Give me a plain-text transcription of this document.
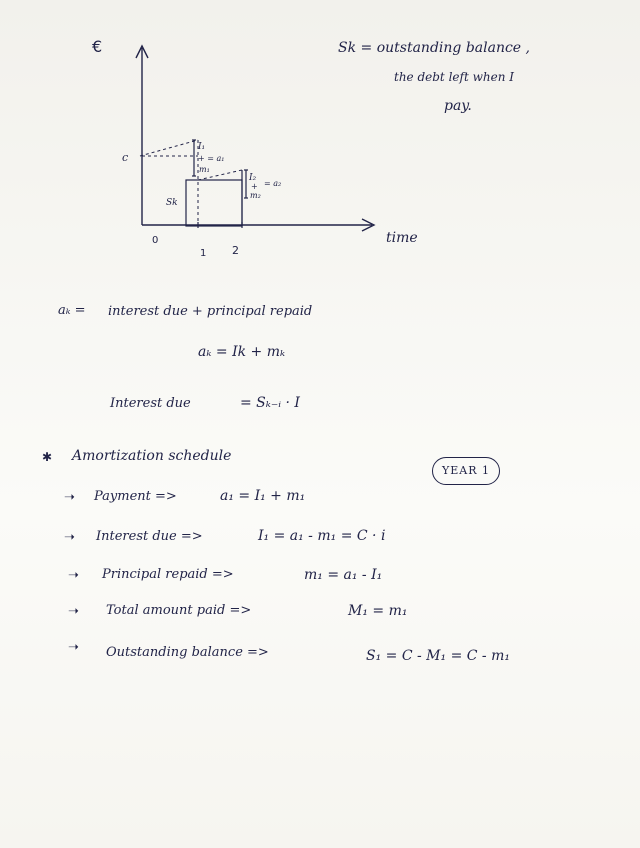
€
time
0
1 2
c
Sk
I₁
+ = a₁
m₁
I₂
= a₂
+
m₂
Sk = outstanding balance ,
the debt left when I
pay.
aₖ = interest due + principal repaid
aₖ = Ik + mₖ
Interest due	= Sₖ₋ᵢ · I
✱ Amortization schedule
YEAR 1
➝ Payment =>	a₁ = I₁ + m₁
➝ Interest due =>	I₁ = a₁ - m₁ = C · i
➝ Principal repaid =>	m₁ = a₁ - I₁
➝ Total amount paid =>	M₁ = m₁
➝ Outstanding balance =>	S₁ = C - M₁ = C - m₁
